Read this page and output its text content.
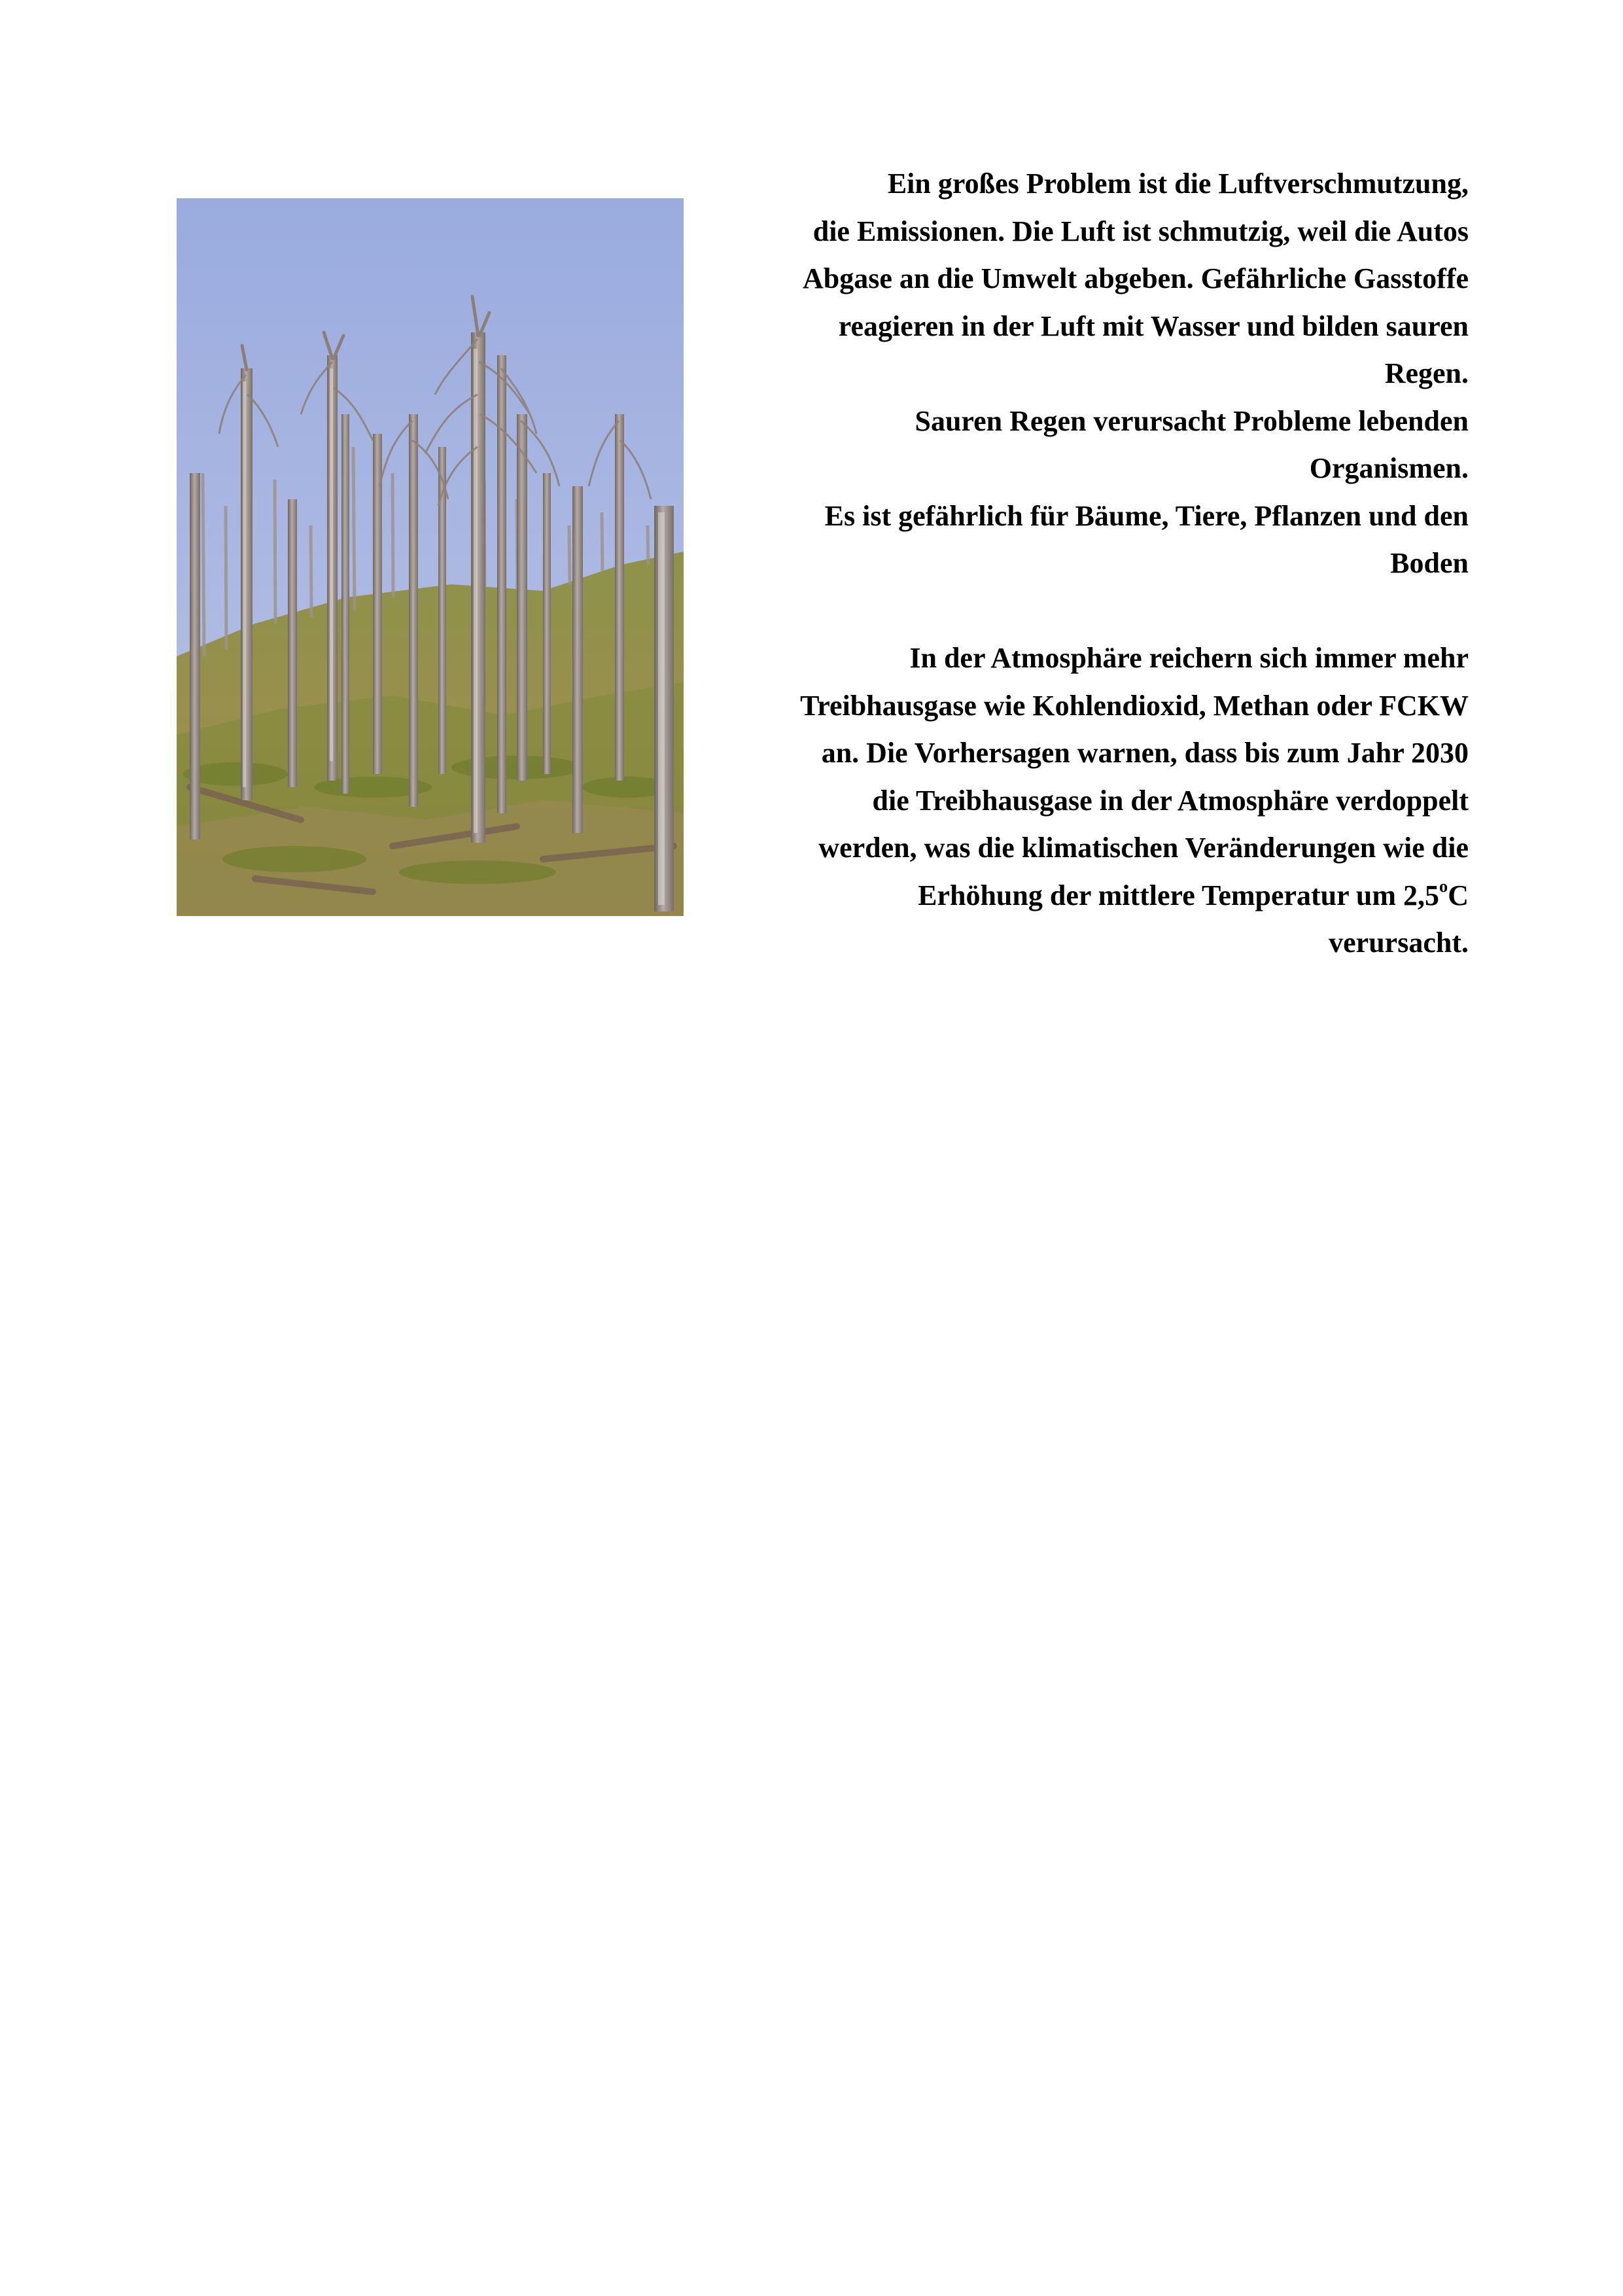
Ein großes Problem ist die Luftverschmutzung,
die Emissionen. Die Luft ist schmutzig, weil die Autos
Abgase an die Umwelt abgeben. Gefährliche Gasstoffe
reagieren in der Luft mit Wasser und bilden sauren
Regen.
Sauren Regen verursacht Probleme lebenden
Organismen.
Es ist gefährlich für Bäume, Tiere, Pflanzen und den
Boden
In der Atmosphäre reichern sich immer mehr
Treibhausgase wie Kohlendioxid, Methan oder FCKW
an. Die Vorhersagen warnen, dass bis zum Jahr 2030
die Treibhausgase in der Atmosphäre verdoppelt
werden, was die klimatischen Veränderungen wie die
Erhöhung der mittlere Temperatur um 2,5$^o$C
verursacht.
